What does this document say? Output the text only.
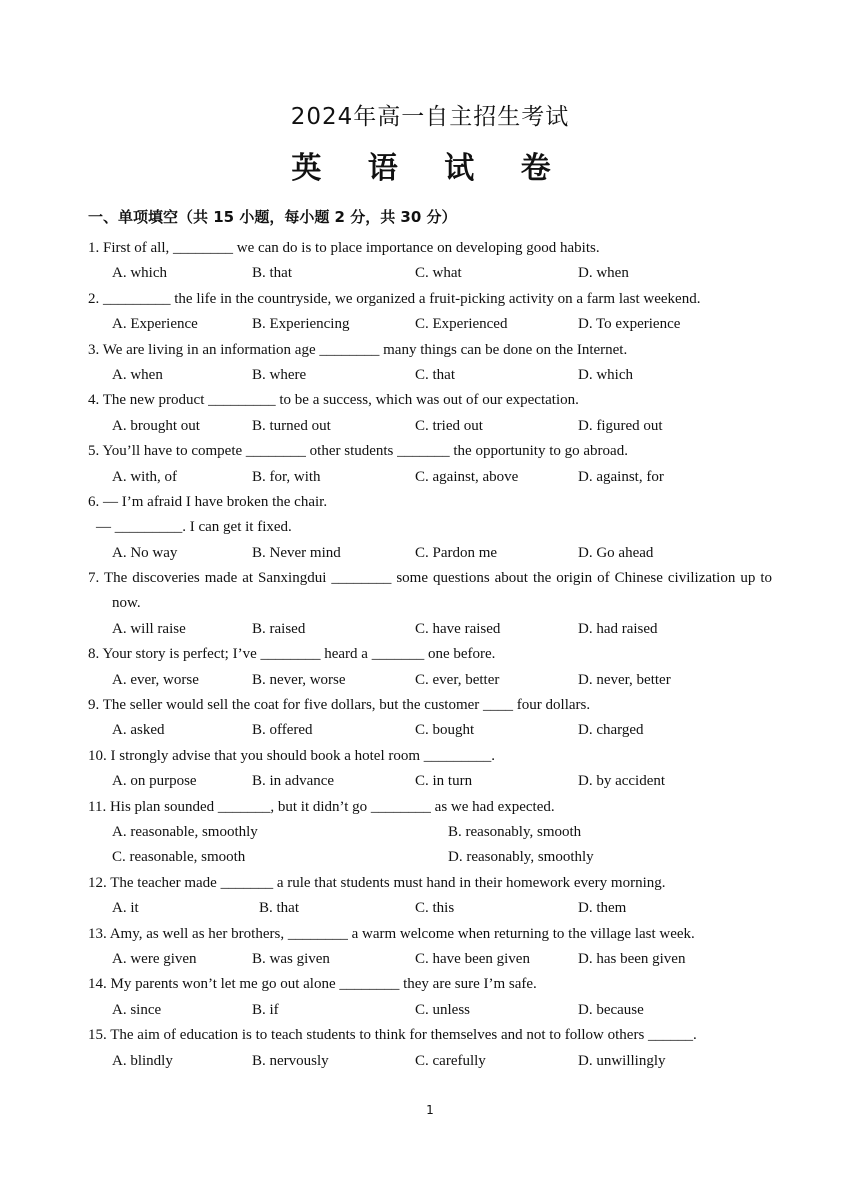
2024年高一自主招生考试
英 语 试 卷
一、单项填空（共 15 小题，每小题 2 分，共 30 分）
1. First of all, ________ we can do is to place importance on developing good habits.
A. which	B. that	C. what	D. when
2. _________ the life in the countryside, we organized a fruit-picking activity on a farm last weekend.
A. Experience	B. Experiencing	C. Experienced	D. To experience
3. We are living in an information age ________ many things can be done on the Internet.
A. when	B. where	C. that	D. which
4. The new product _________ to be a success, which was out of our expectation.
A. brought out	B. turned out	C. tried out	D. figured out
5. You’ll have to compete ________ other students _______ the opportunity to go abroad.
A. with, of	B. for, with	C. against, above	D. against, for
6. — I’m afraid I have broken the chair.
— _________. I can get it fixed.
A. No way	B. Never mind	C. Pardon me	D. Go ahead
7. The discoveries made at Sanxingdui ________ some questions about the origin of Chinese civilization up to now.
A. will raise	B. raised	C. have raised	D. had raised
8. Your story is perfect; I’ve ________ heard a _______ one before.
A. ever, worse	B. never, worse	C. ever, better	D. never, better
9. The seller would sell the coat for five dollars, but the customer ____ four dollars.
A. asked	B. offered	C. bought	D. charged
10. I strongly advise that you should book a hotel room _________.
A. on purpose	B. in advance	C. in turn	D. by accident
11. His plan sounded _______, but it didn’t go ________ as we had expected.
A. reasonable, smoothly	B. reasonably, smooth
C. reasonable, smooth	D. reasonably, smoothly
12. The teacher made _______ a rule that students must hand in their homework every morning.
A. it	B. that	C. this	D. them
13. Amy, as well as her brothers, ________ a warm welcome when returning to the village last week.
A. were given	B. was given	C. have been given	D. has been given
14. My parents won’t let me go out alone ________ they are sure I’m safe.
A. since	B. if	C. unless	D. because
15. The aim of education is to teach students to think for themselves and not to follow others ______.
A. blindly	B. nervously	C. carefully	D. unwillingly
1
